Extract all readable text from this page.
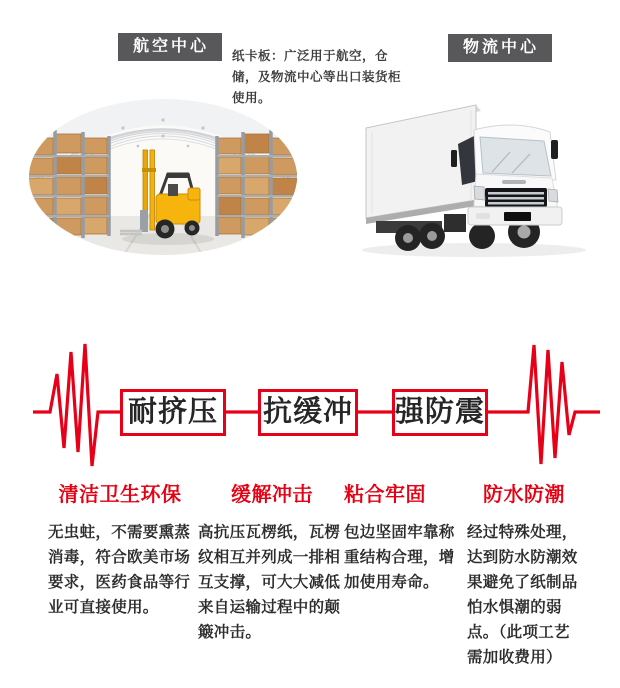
航空中心

纸卡板：广泛用于航空，仓储，及物流中心等出口装货柜使用。

物流中心
耐挤压 抗缓冲 强防震
清洁卫生环保

无虫蛀，不需要熏蒸消毒，符合欧美市场要求，医药食品等行业可直接使用。

缓解冲击

高抗压瓦楞纸，瓦楞纹相互并列成一排相互支撑，可大大减低来自运输过程中的颠簸冲击。

粘合牢固

包边坚固牢靠称重结构合理，增加使用寿命。

防水防潮

经过特殊处理，达到防水防潮效果避免了纸制品怕水惧潮的弱点。（此项工艺需加收费用）
